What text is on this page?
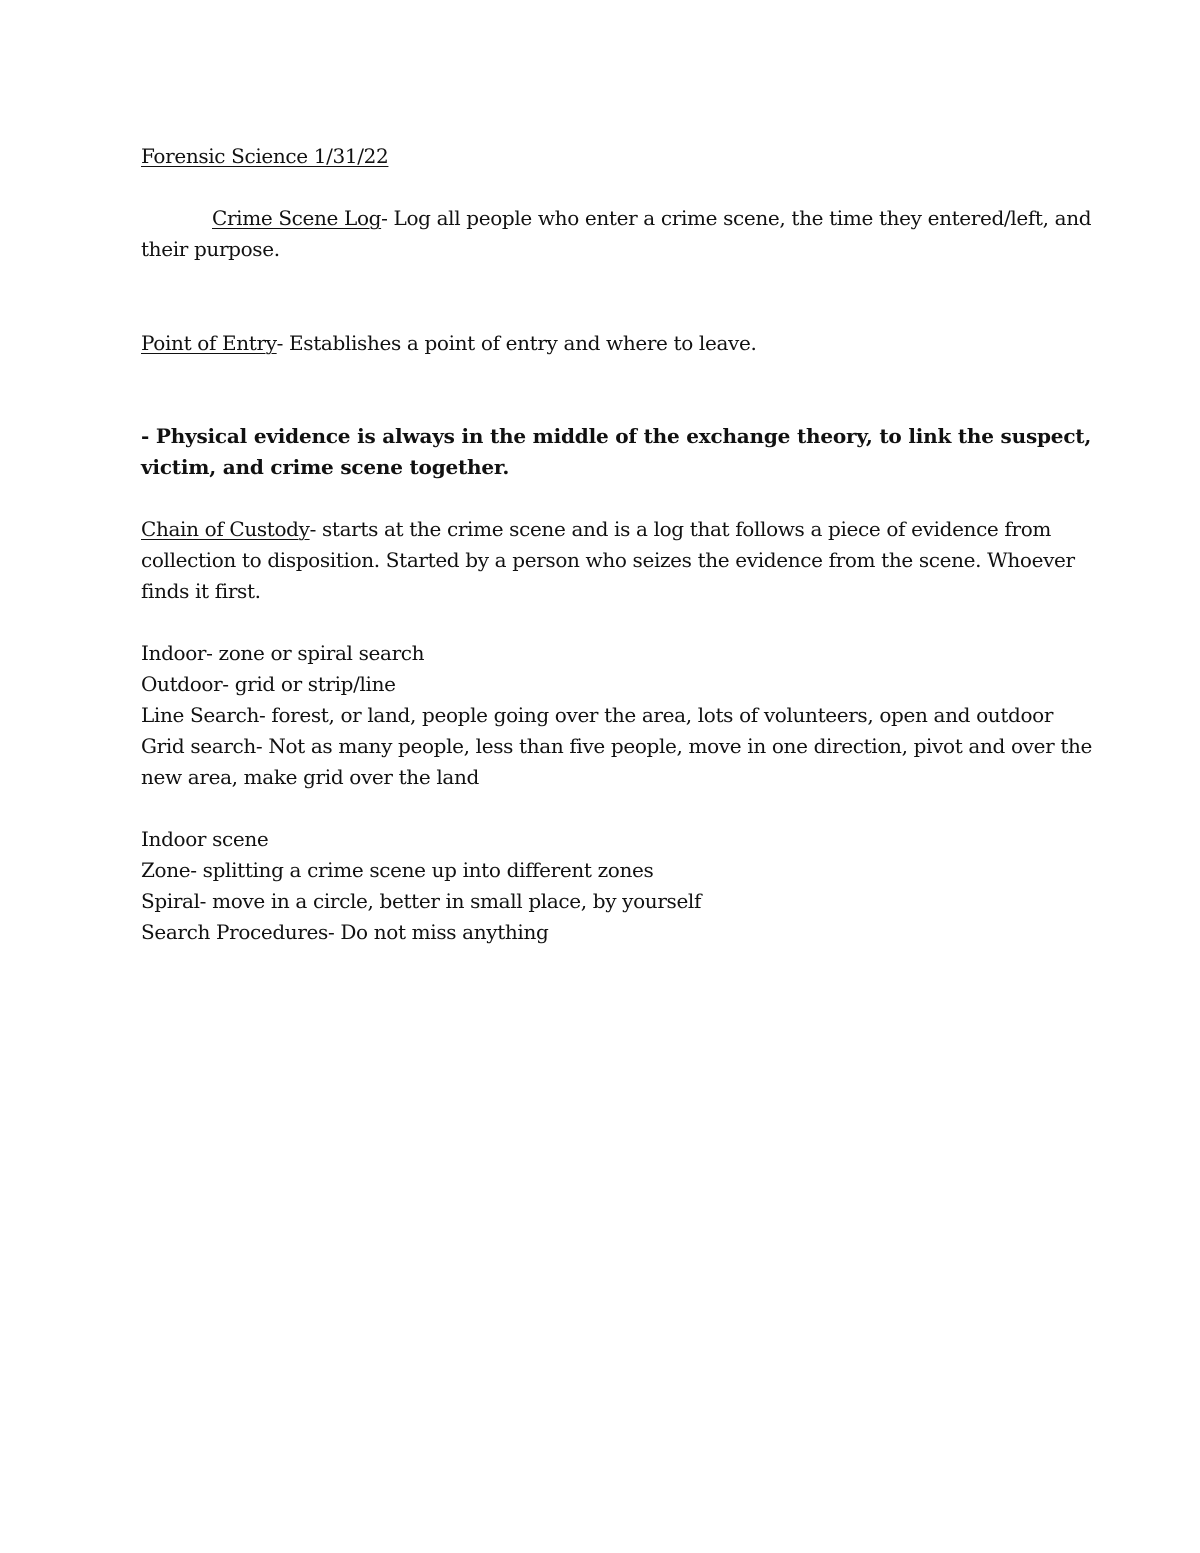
Forensic Science 1/31/22
Crime Scene Log- Log all people who enter a crime scene, the time they entered/left, and
their purpose.
Point of Entry- Establishes a point of entry and where to leave.
- Physical evidence is always in the middle of the exchange theory, to link the suspect,
victim, and crime scene together.
Chain of Custody- starts at the crime scene and is a log that follows a piece of evidence from
collection to disposition. Started by a person who seizes the evidence from the scene. Whoever
finds it first.
Indoor- zone or spiral search
Outdoor- grid or strip/line
Line Search- forest, or land, people going over the area, lots of volunteers, open and outdoor
Grid search- Not as many people, less than five people, move in one direction, pivot and over the
new area, make grid over the land
Indoor scene
Zone- splitting a crime scene up into different zones
Spiral- move in a circle, better in small place, by yourself
Search Procedures- Do not miss anything
